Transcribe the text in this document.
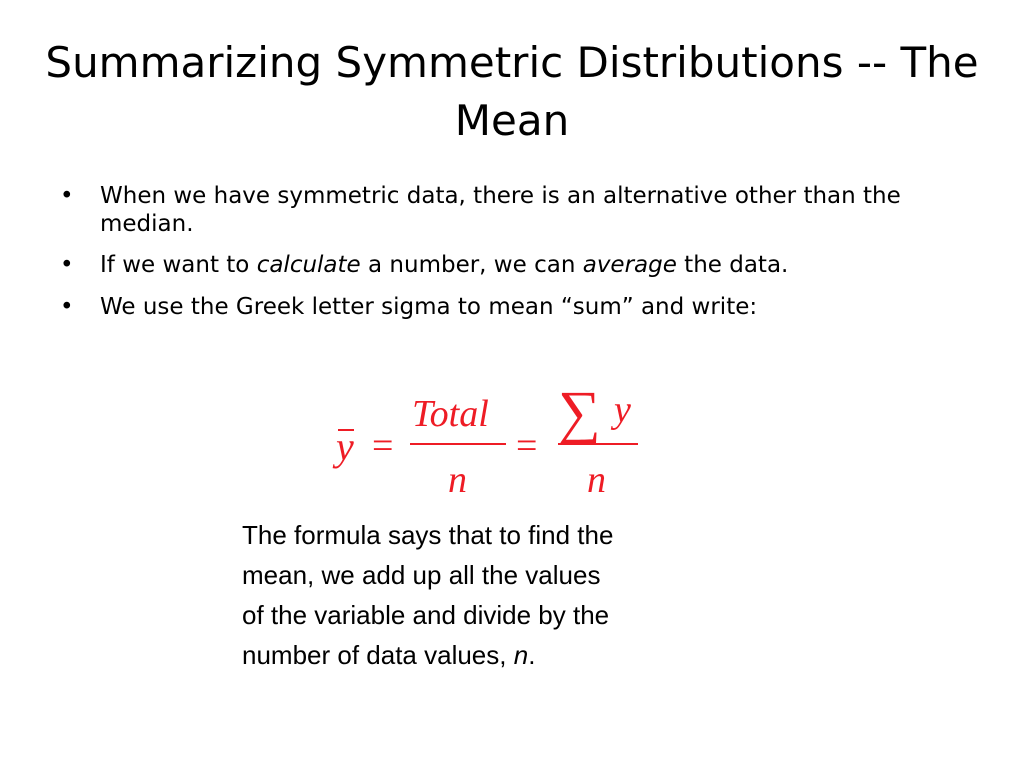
Summarizing Symmetric Distributions -- The Mean
• When we have symmetric data, there is an alternative other than the median.
• If we want to calculate a number, we can average the data.
• We use the Greek letter sigma to mean “sum” and write:
y =
Total
n
=
∑ y
n

The formula says that to find the
mean, we add up all the values
of the variable and divide by the
number of data values, n.
